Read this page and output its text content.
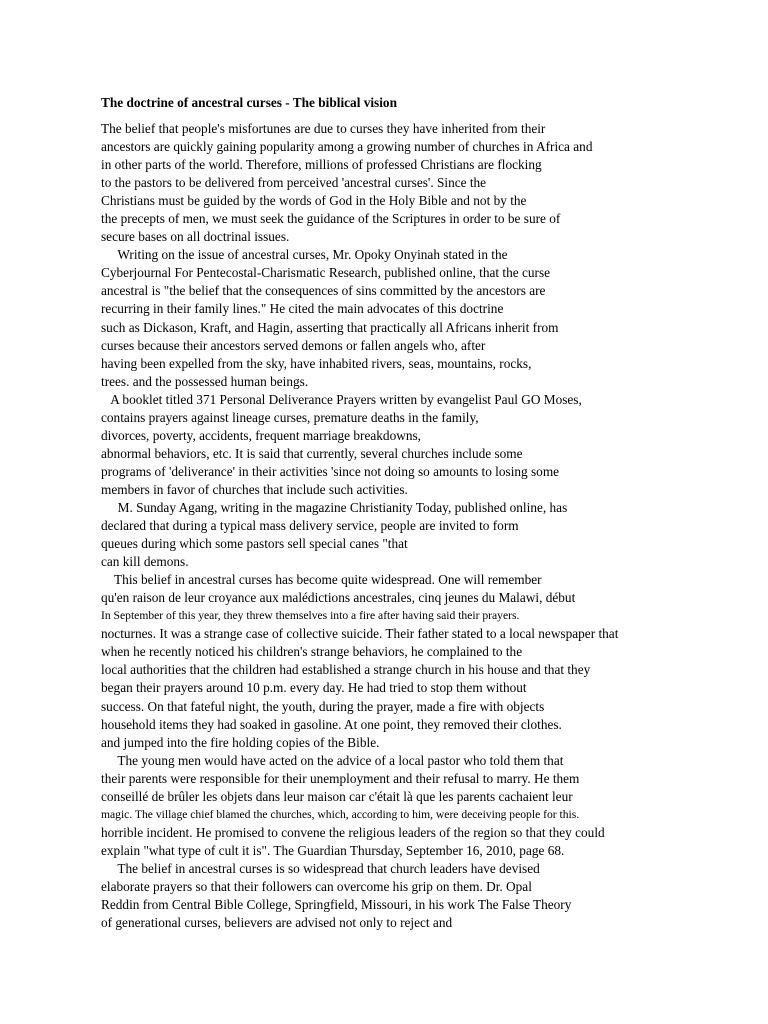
The doctrine of ancestral curses - The biblical vision
The belief that people's misfortunes are due to curses they have inherited from their
ancestors are quickly gaining popularity among a growing number of churches in Africa and
in other parts of the world. Therefore, millions of professed Christians are flocking
to the pastors to be delivered from perceived 'ancestral curses'. Since the
Christians must be guided by the words of God in the Holy Bible and not by the
the precepts of men, we must seek the guidance of the Scriptures in order to be sure of
secure bases on all doctrinal issues.
Writing on the issue of ancestral curses, Mr. Opoky Onyinah stated in the
Cyberjournal For Pentecostal-Charismatic Research, published online, that the curse
ancestral is "the belief that the consequences of sins committed by the ancestors are
recurring in their family lines." He cited the main advocates of this doctrine
such as Dickason, Kraft, and Hagin, asserting that practically all Africans inherit from
curses because their ancestors served demons or fallen angels who, after
having been expelled from the sky, have inhabited rivers, seas, mountains, rocks,
trees. and the possessed human beings.
A booklet titled 371 Personal Deliverance Prayers written by evangelist Paul GO Moses,
contains prayers against lineage curses, premature deaths in the family,
divorces, poverty, accidents, frequent marriage breakdowns,
abnormal behaviors, etc. It is said that currently, several churches include some
programs of 'deliverance' in their activities 'since not doing so amounts to losing some
members in favor of churches that include such activities.
M. Sunday Agang, writing in the magazine Christianity Today, published online, has
declared that during a typical mass delivery service, people are invited to form
queues during which some pastors sell special canes "that
can kill demons.
This belief in ancestral curses has become quite widespread. One will remember
qu'en raison de leur croyance aux malédictions ancestrales, cinq jeunes du Malawi, début
In September of this year, they threw themselves into a fire after having said their prayers.
nocturnes. It was a strange case of collective suicide. Their father stated to a local newspaper that
when he recently noticed his children's strange behaviors, he complained to the
local authorities that the children had established a strange church in his house and that they
began their prayers around 10 p.m. every day. He had tried to stop them without
success. On that fateful night, the youth, during the prayer, made a fire with objects
household items they had soaked in gasoline. At one point, they removed their clothes.
and jumped into the fire holding copies of the Bible.
The young men would have acted on the advice of a local pastor who told them that
their parents were responsible for their unemployment and their refusal to marry. He them
conseillé de brûler les objets dans leur maison car c'était là que les parents cachaient leur
magic. The village chief blamed the churches, which, according to him, were deceiving people for this.
horrible incident. He promised to convene the religious leaders of the region so that they could
explain "what type of cult it is". The Guardian Thursday, September 16, 2010, page 68.
The belief in ancestral curses is so widespread that church leaders have devised
elaborate prayers so that their followers can overcome his grip on them. Dr. Opal
Reddin from Central Bible College, Springfield, Missouri, in his work The False Theory
of generational curses, believers are advised not only to reject and
